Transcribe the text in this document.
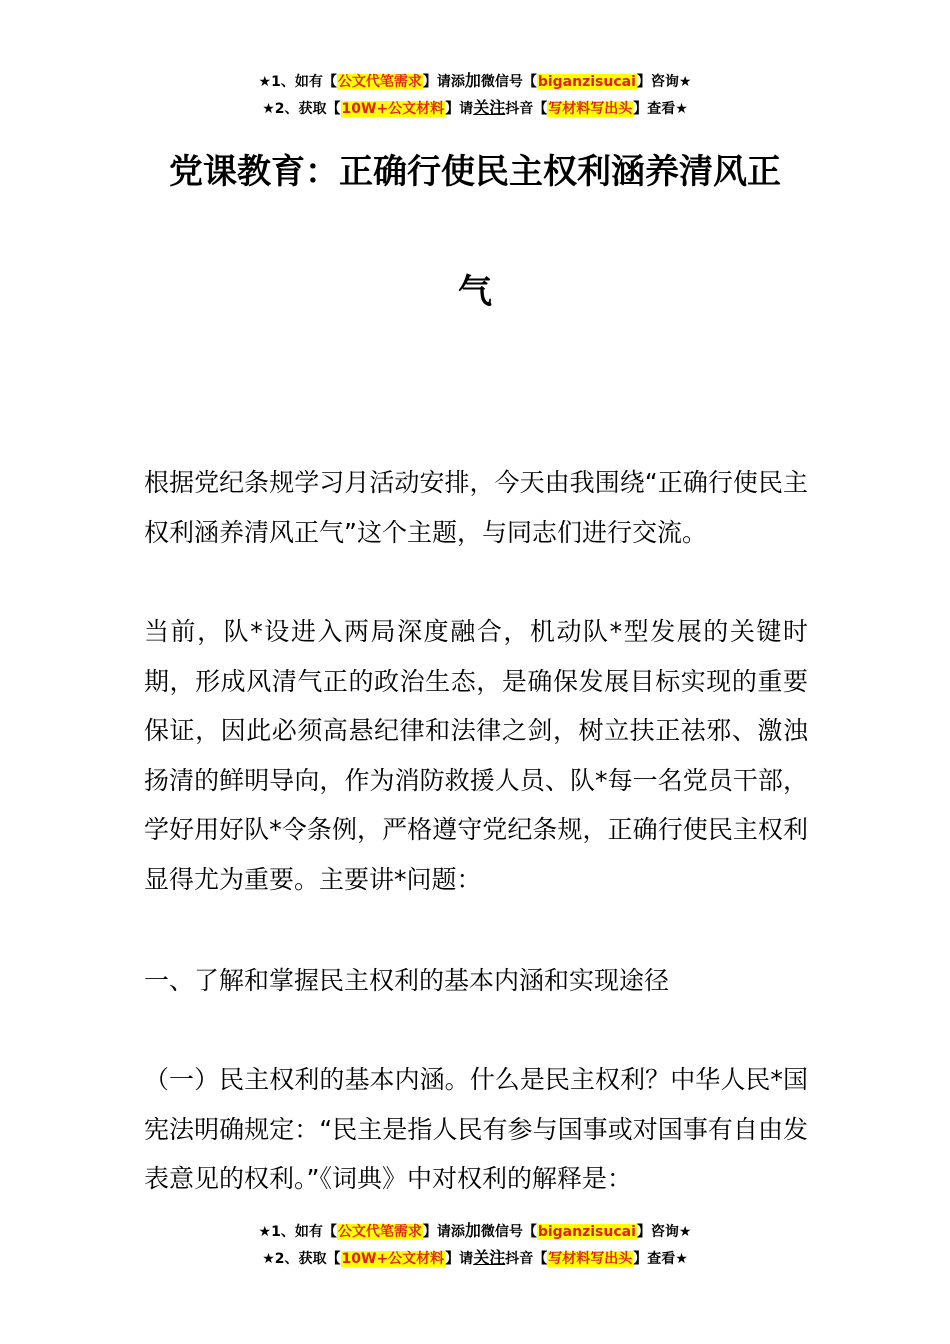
★1、如有【公文代笔需求】请添加微信号【biganzisucai】咨询★
★2、获取【10W+公文材料】请关注抖音【写材料写出头】查看★
党课教育：正确行使民主权利涵养清风正
气

根据党纪条规学习月活动安排，今天由我围绕“正确行使民主权利涵养清风正气”这个主题，与同志们进行交流。

当前，队*设进入两局深度融合，机动队*型发展的关键时期，形成风清气正的政治生态，是确保发展目标实现的重要保证，因此必须高悬纪律和法律之剑，树立扶正祛邪、激浊扬清的鲜明导向，作为消防救援人员、队*每一名党员干部，学好用好队*令条例，严格遵守党纪条规，正确行使民主权利显得尤为重要。主要讲*问题：

一、了解和掌握民主权利的基本内涵和实现途径

（一）民主权利的基本内涵。什么是民主权利？中华人民*国宪法明确规定：“民主是指人民有参与国事或对国事有自由发表意见的权利。”《词典》中对权利的解释是：

★1、如有【公文代笔需求】请添加微信号【biganzisucai】咨询★
★2、获取【10W+公文材料】请关注抖音【写材料写出头】查看★
